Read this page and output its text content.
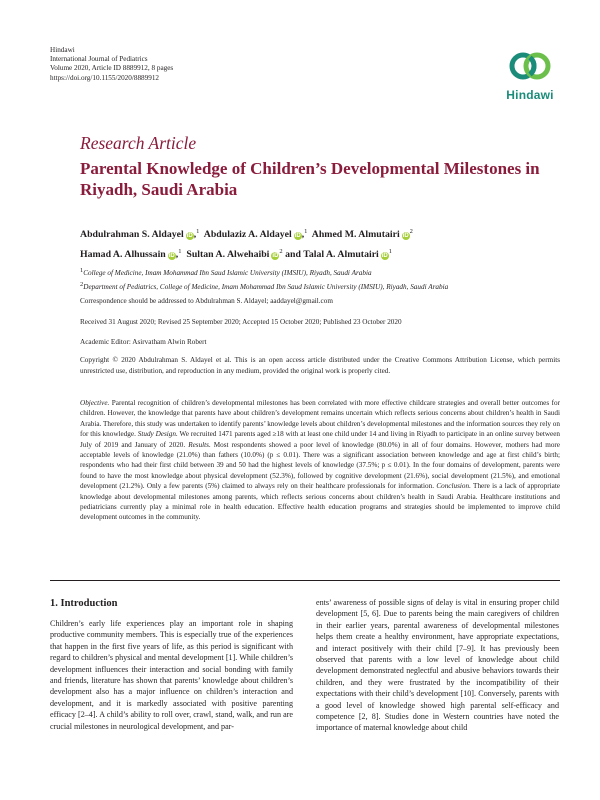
Hindawi
International Journal of Pediatrics
Volume 2020, Article ID 8889912, 8 pages
https://doi.org/10.1155/2020/8889912
Hindawi
Research Article
Parental Knowledge of Children’s Developmental Milestones in Riyadh, Saudi Arabia
Abdulrahman S. Aldayel iD,$^1$ Abdulaziz A. Aldayel iD,$^1$ Ahmed M. Almutairi $iD^2$
Hamad A. Alhussain iD,$^1$ Sultan A. Alwehaibi $iD^2$ and Talal A. Almutairi $iD^1$
$^1$College of Medicine, Imam Mohammad Ibn Saud Islamic University (IMSIU), Riyadh, Saudi Arabia
$^2$Department of Pediatrics, College of Medicine, Imam Mohammad Ibn Saud Islamic University (IMSIU), Riyadh, Saudi Arabia
Correspondence should be addressed to Abdulrahman S. Aldayel; aaddayel@gmail.com
Received 31 August 2020; Revised 25 September 2020; Accepted 15 October 2020; Published 23 October 2020
Academic Editor: Asirvatham Alwin Robert
Copyright © 2020 Abdulrahman S. Aldayel et al. This is an open access article distributed under the Creative Commons Attribution License, which permits unrestricted use, distribution, and reproduction in any medium, provided the original work is properly cited.
Objective. Parental recognition of children’s developmental milestones has been correlated with more effective childcare strategies and overall better outcomes for children. However, the knowledge that parents have about children’s development remains uncertain which reflects serious concerns about children’s health in Saudi Arabia. Therefore, this study was undertaken to identify parents’ knowledge levels about children’s developmental milestones and the information sources they rely on for this knowledge. Study Design. We recruited 1471 parents aged ≥18 with at least one child under 14 and living in Riyadh to participate in an online survey between July of 2019 and January of 2020. Results. Most respondents showed a poor level of knowledge (80.0%) in all of four domains. However, mothers had more acceptable levels of knowledge (21.0%) than fathers (10.0%) (p ≤ 0.01). There was a significant association between knowledge and age at first child’s birth; respondents who had their first child between 39 and 50 had the highest levels of knowledge (37.5%; p ≤ 0.01). In the four domains of development, parents were found to have the most knowledge about physical development (52.3%), followed by cognitive development (21.6%), social development (21.5%), and emotional development (21.2%). Only a few parents (5%) claimed to always rely on their healthcare professionals for information. Conclusion. There is a lack of appropriate knowledge about developmental milestones among parents, which reflects serious concerns about children’s health in Saudi Arabia. Healthcare institutions and pediatricians currently play a minimal role in health education. Effective health education programs and strategies should be implemented to improve child development outcomes in the community.
1. Introduction

Children’s early life experiences play an important role in shaping productive community members. This is especially true of the experiences that happen in the first five years of life, as this period is significant with regard to children’s physical and mental development [1]. While children’s development influences their interaction and social bonding with family and friends, literature has shown that parents’ knowledge about children’s development also has a major influence on children’s interaction and development, and it is markedly associated with positive parenting efficacy [2–4]. A child’s ability to roll over, crawl, stand, walk, and run are crucial milestones in neurological development, and par-

ents’ awareness of possible signs of delay is vital in ensuring proper child development [5, 6]. Due to parents being the main caregivers of children in their earlier years, parental awareness of developmental milestones helps them create a healthy environment, have appropriate expectations, and interact positively with their child [7–9]. It has previously been observed that parents with a low level of knowledge about child development demonstrated neglectful and abusive behaviors towards their children, and they were frustrated by the incompatibility of their expectations with their child’s development [10]. Conversely, parents with a good level of knowledge showed high parental self-efficacy and competence [2, 8]. Studies done in Western countries have noted the importance of maternal knowledge about child
